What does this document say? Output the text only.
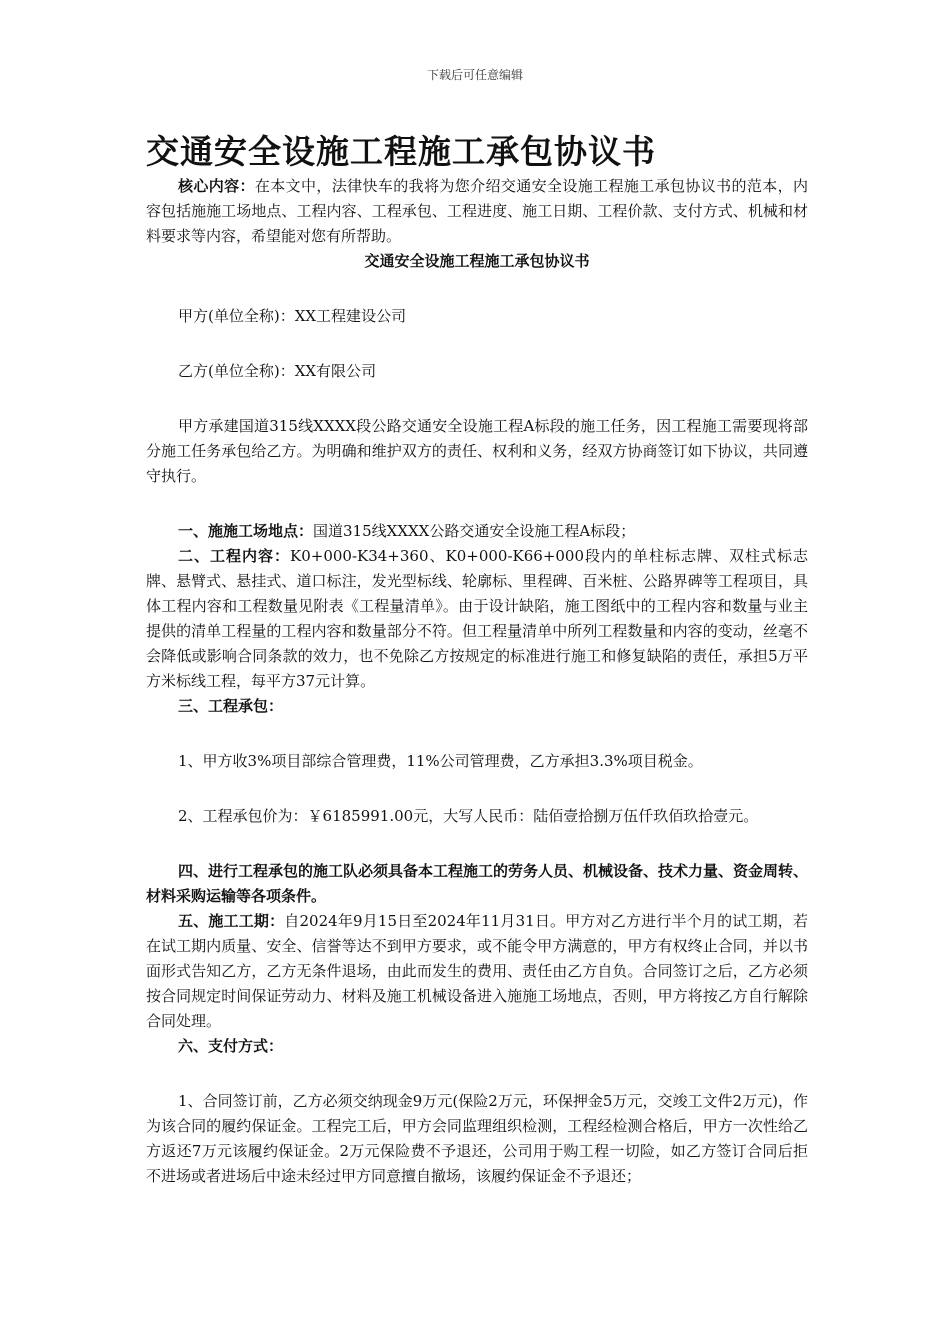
下载后可任意编辑
交通安全设施工程施工承包协议书

核心内容：在本文中，法律快车的我将为您介绍交通安全设施工程施工承包协议书的范本，内容包括施施工场地点、工程内容、工程承包、工程进度、施工日期、工程价款、支付方式、机械和材料要求等内容，希望能对您有所帮助。

交通安全设施工程施工承包协议书

甲方(单位全称)：XX工程建设公司

乙方(单位全称)：XX有限公司

甲方承建国道315线XXXX段公路交通安全设施工程A标段的施工任务，因工程施工需要现将部分施工任务承包给乙方。为明确和维护双方的责任、权利和义务，经双方协商签订如下协议，共同遵守执行。

一、施施工场地点：国道315线XXXX公路交通安全设施工程A标段；

二、工程内容：K0+000-K34+360、K0+000-K66+000段内的单柱标志牌、双柱式标志牌、悬臂式、悬挂式、道口标注，发光型标线、轮廓标、里程碑、百米桩、公路界碑等工程项目，具体工程内容和工程数量见附表《工程量清单》。由于设计缺陷，施工图纸中的工程内容和数量与业主提供的清单工程量的工程内容和数量部分不符。但工程量清单中所列工程数量和内容的变动，丝毫不会降低或影响合同条款的效力，也不免除乙方按规定的标准进行施工和修复缺陷的责任，承担5万平方米标线工程，每平方37元计算。

三、工程承包：

1、甲方收3%项目部综合管理费，11%公司管理费，乙方承担3.3%项目税金。

2、工程承包价为：￥6185991.00元，大写人民币：陆佰壹拾捌万伍仟玖佰玖拾壹元。

四、进行工程承包的施工队必须具备本工程施工的劳务人员、机械设备、技术力量、资金周转、材料采购运输等各项条件。

五、施工工期：自2024年9月15日至2024年11月31日。甲方对乙方进行半个月的试工期，若在试工期内质量、安全、信誉等达不到甲方要求，或不能令甲方满意的，甲方有权终止合同，并以书面形式告知乙方，乙方无条件退场，由此而发生的费用、责任由乙方自负。合同签订之后，乙方必须按合同规定时间保证劳动力、材料及施工机械设备进入施施工场地点，否则，甲方将按乙方自行解除合同处理。

六、支付方式：

1、合同签订前，乙方必须交纳现金9万元(保险2万元，环保押金5万元，交竣工文件2万元)，作为该合同的履约保证金。工程完工后，甲方会同监理组织检测，工程经检测合格后，甲方一次性给乙方返还7万元该履约保证金。2万元保险费不予退还，公司用于购工程一切险，如乙方签订合同后拒不进场或者进场后中途未经过甲方同意擅自撤场，该履约保证金不予退还；
